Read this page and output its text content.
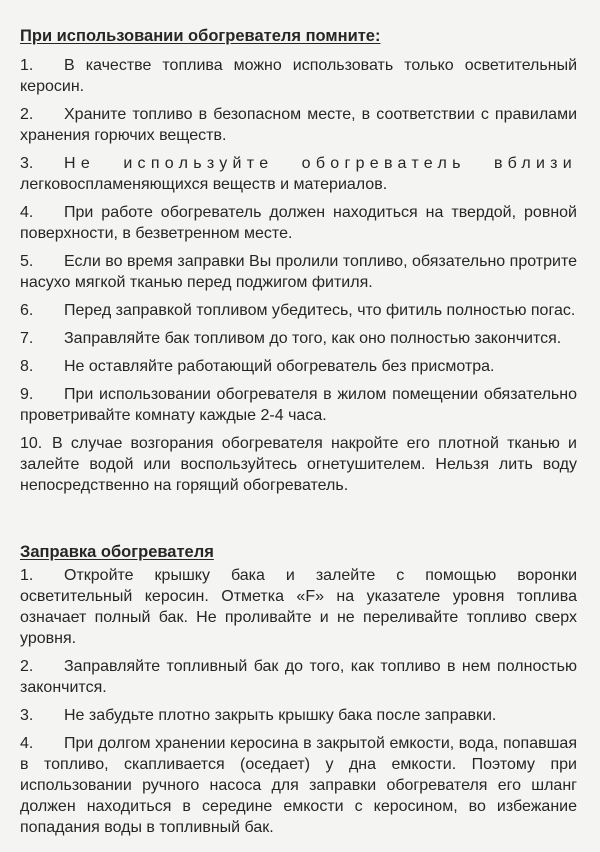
При использовании обогревателя помните:
1. В качестве топлива можно использовать только осветительный керосин.
2. Храните топливо в безопасном месте, в соответствии с правилами хранения горючих веществ.
3. Не используйте обогреватель вблизи легковоспламеняющихся веществ и материалов.
4. При работе обогреватель должен находиться на твердой, ровной поверхности, в безветренном месте.
5. Если во время заправки Вы пролили топливо, обязательно протрите насухо мягкой тканью перед поджигом фитиля.
6. Перед заправкой топливом убедитесь, что фитиль полностью погас.
7. Заправляйте бак топливом до того, как оно полностью закончится.
8. Не оставляйте работающий обогреватель без присмотра.
9. При использовании обогревателя в жилом помещении обязательно проветривайте комнату каждые 2-4 часа.
10. В случае возгорания обогревателя накройте его плотной тканью и залейте водой или воспользуйтесь огнетушителем. Нельзя лить воду непосредственно на горящий обогреватель.
Заправка обогревателя
1. Откройте крышку бака и залейте с помощью воронки осветительный керосин. Отметка «F» на указателе уровня топлива означает полный бак. Не проливайте и не переливайте топливо сверх уровня.
2. Заправляйте топливный бак до того, как топливо в нем полностью закончится.
3. Не забудьте плотно закрыть крышку бака после заправки.
4. При долгом хранении керосина в закрытой емкости, вода, попавшая в топливо, скапливается (оседает) у дна емкости. Поэтому при использовании ручного насоса для заправки обогревателя его шланг должен находиться в середине емкости с керосином, во избежание попадания воды в топливный бак.
